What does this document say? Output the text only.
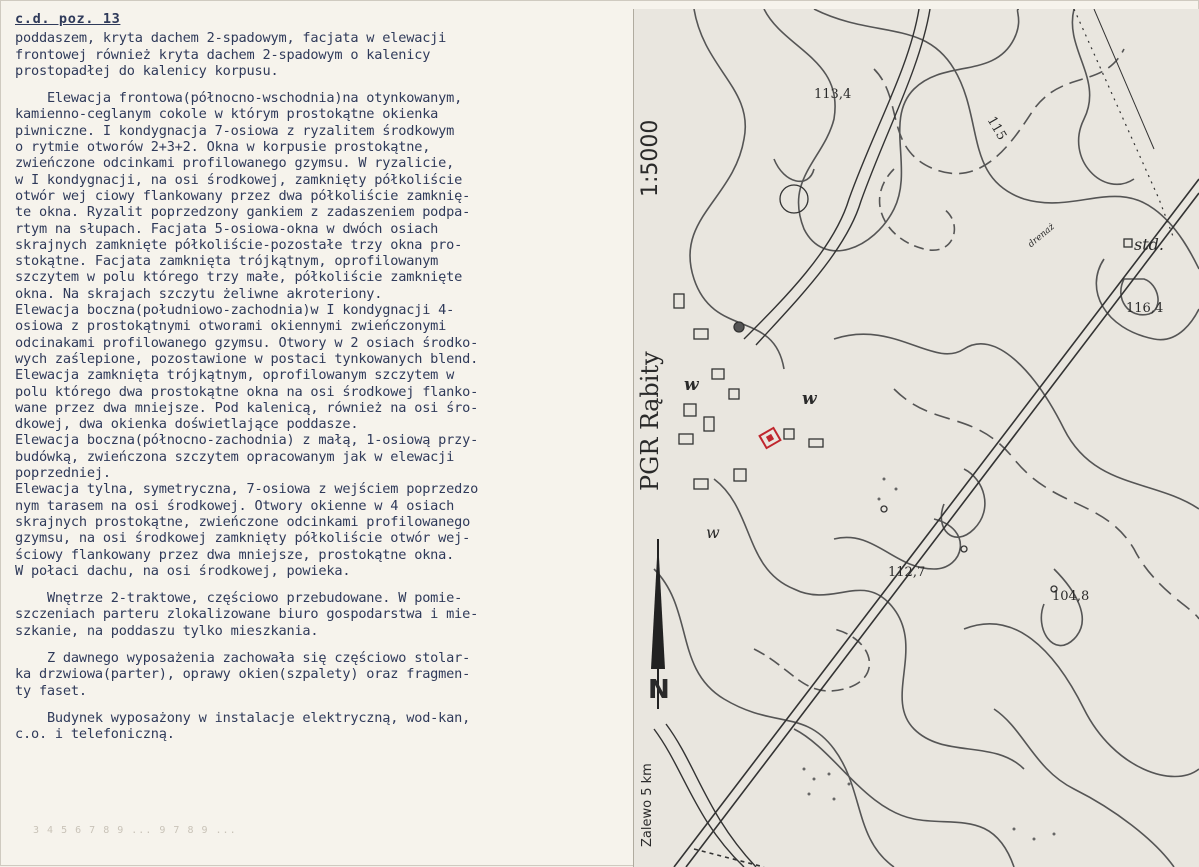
c.d. poz. 13

poddaszem, kryta dachem 2-spadowym, facjata w elewacji
frontowej również kryta dachem 2-spadowym o kalenicy
prostopadłej do kalenicy korpusu.

Elewacja frontowa(północno-wschodnia)na otynkowanym,
kamienno-ceglanym cokole w którym prostokątne okienka
piwniczne. I kondygnacja 7-osiowa z ryzalitem środkowym
o rytmie otworów 2+3+2. Okna w korpusie prostokątne,
zwieńczone odcinkami profilowanego gzymsu. W ryzalicie,
w I kondygnacji, na osi środkowej, zamknięty półkoliście
otwór wej ciowy flankowany przez dwa półkoliście zamknię-
te okna. Ryzalit poprzedzony gankiem z zadaszeniem podpa-
rtym na słupach. Facjata 5-osiowa-okna w dwóch osiach
skrajnych zamknięte półkoliście-pozostałe trzy okna pro-
stokątne. Facjata zamknięta trójkątnym, oprofilowanym
szczytem w polu którego trzy małe, półkoliście zamknięte
okna. Na skrajach szczytu żeliwne akroteriony.
Elewacja boczna(południowo-zachodnia)w I kondygnacji 4-
osiowa z prostokątnymi otworami okiennymi zwieńczonymi
odcinakami profilowanego gzymsu. Otwory w 2 osiach środko-
wych zaślepione, pozostawione w postaci tynkowanych blend.
Elewacja zamknięta trójkątnym, oprofilowanym szczytem w
polu którego dwa prostokątne okna na osi środkowej flanko-
wane przez dwa mniejsze. Pod kalenicą, również na osi śro-
dkowej, dwa okienka doświetlające poddasze.
Elewacja boczna(północno-zachodnia) z małą, 1-osiową przy-
budówką, zwieńczona szczytem opracowanym jak w elewacji
poprzedniej.
Elewacja tylna, symetryczna, 7-osiowa z wejściem poprzedzo
nym tarasem na osi środkowej. Otwory okienne w 4 osiach
skrajnych prostokątne, zwieńczone odcinkami profilowanego
gzymsu, na osi środkowej zamknięty półkoliście otwór wej-
ściowy flankowany przez dwa mniejsze, prostokątne okna.
W połaci dachu, na osi środkowej, powieka.

Wnętrze 2-traktowe, częściowo przebudowane. W pomie-
szczeniach parteru zlokalizowane biuro gospodarstwa i mie-
szkanie, na poddaszu tylko mieszkania.

Z dawnego wyposażenia zachowała się częściowo stolar-
ka drzwiowa(parter), oprawy okien(szpalety) oraz fragmen-
ty faset.

Budynek wyposażony w instalacje elektryczną, wod-kan,
c.o. i telefoniczną.

3 4 5 6 7 8 9 ... 9 7 8 9 ...
1:5000
PGR Rąbity
Zalewo 5 km
N
113,4
115
116,4
112,7
104,8
std.
w
w
w
drenaż
